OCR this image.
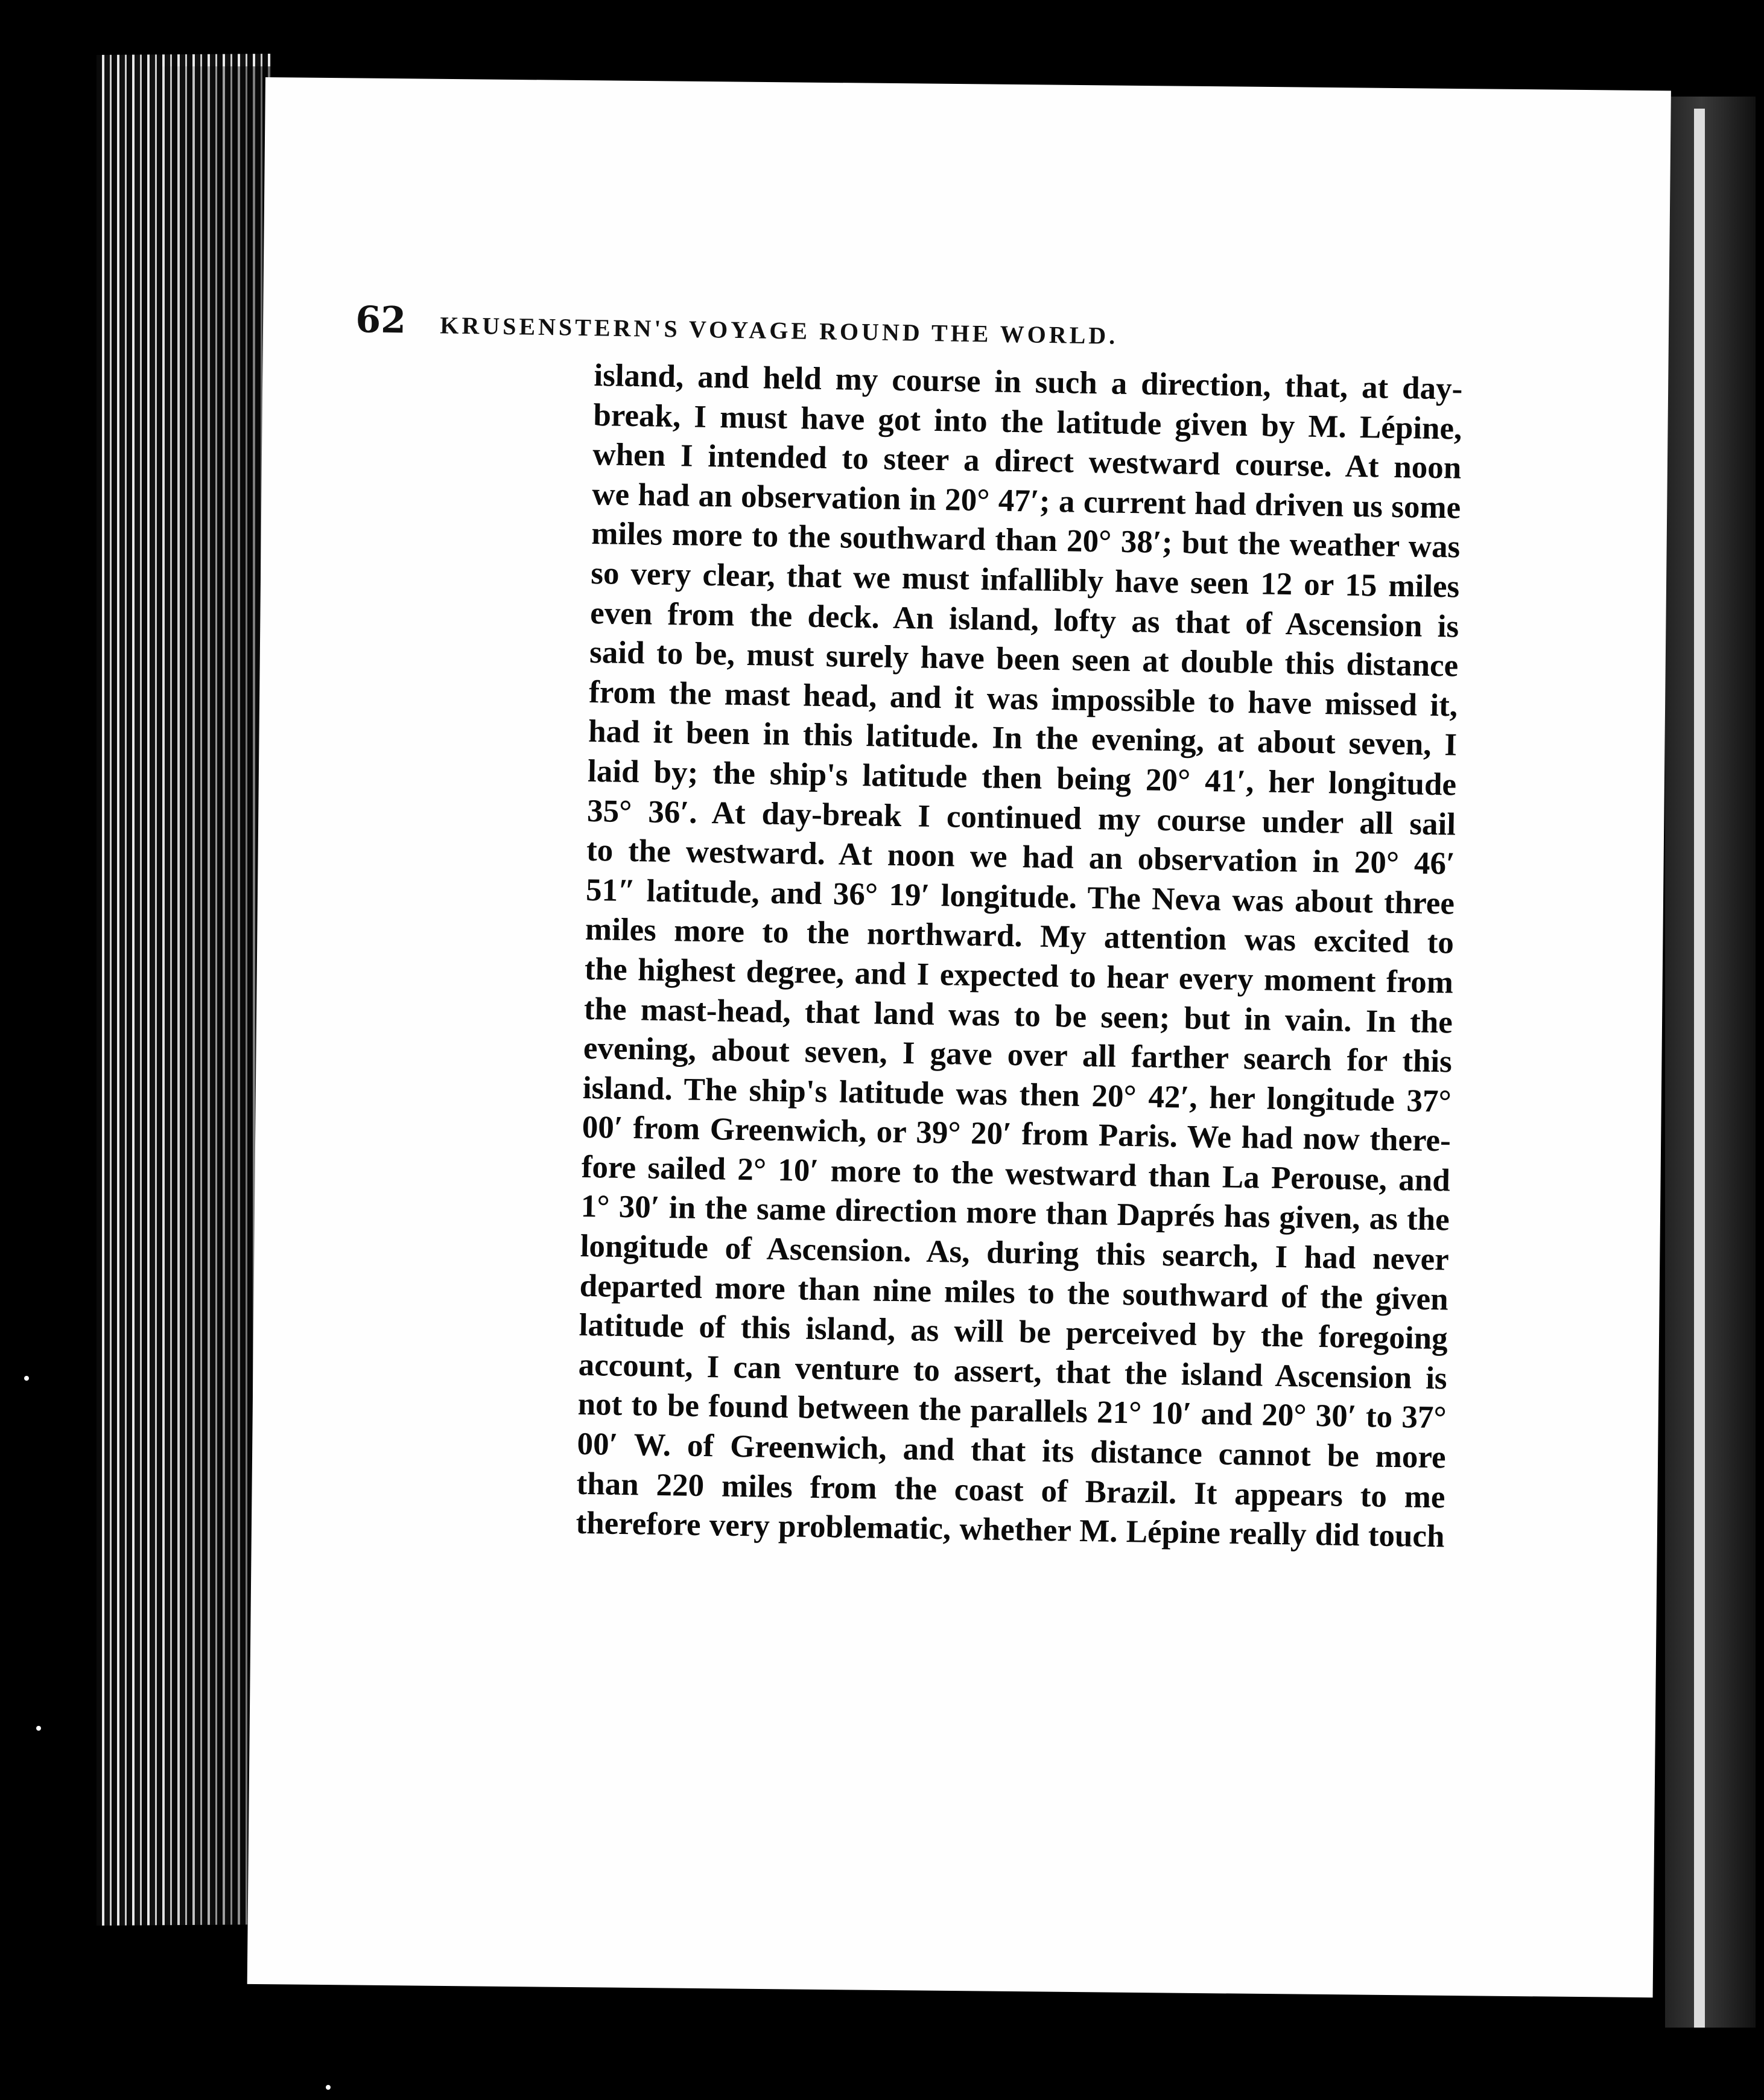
62	KRUSENSTERN'S VOYAGE ROUND THE WORLD.
island, and held my course in such a direction, that, at day-
break, I must have got into the latitude given by M. Lépine,
when I intended to steer a direct westward course. At noon
we had an observation in 20° 47′; a current had driven us some
miles more to the southward than 20° 38′; but the weather was
so very clear, that we must infallibly have seen 12 or 15 miles
even from the deck. An island, lofty as that of Ascension is
said to be, must surely have been seen at double this distance
from the mast head, and it was impossible to have missed it,
had it been in this latitude. In the evening, at about seven, I
laid by; the ship's latitude then being 20° 41′, her longitude
35° 36′. At day-break I continued my course under all sail
to the westward. At noon we had an observation in 20° 46′
51″ latitude, and 36° 19′ longitude. The Neva was about three
miles more to the northward. My attention was excited to
the highest degree, and I expected to hear every moment from
the mast-head, that land was to be seen; but in vain. In the
evening, about seven, I gave over all farther search for this
island. The ship's latitude was then 20° 42′, her longitude 37°
00′ from Greenwich, or 39° 20′ from Paris. We had now there-
fore sailed 2° 10′ more to the westward than La Perouse, and
1° 30′ in the same direction more than Daprés has given, as the
longitude of Ascension. As, during this search, I had never
departed more than nine miles to the southward of the given
latitude of this island, as will be perceived by the foregoing
account, I can venture to assert, that the island Ascension is
not to be found between the parallels 21° 10′ and 20° 30′ to 37°
00′ W. of Greenwich, and that its distance cannot be more
than 220 miles from the coast of Brazil. It appears to me
therefore very problematic, whether M. Lépine really did touch
